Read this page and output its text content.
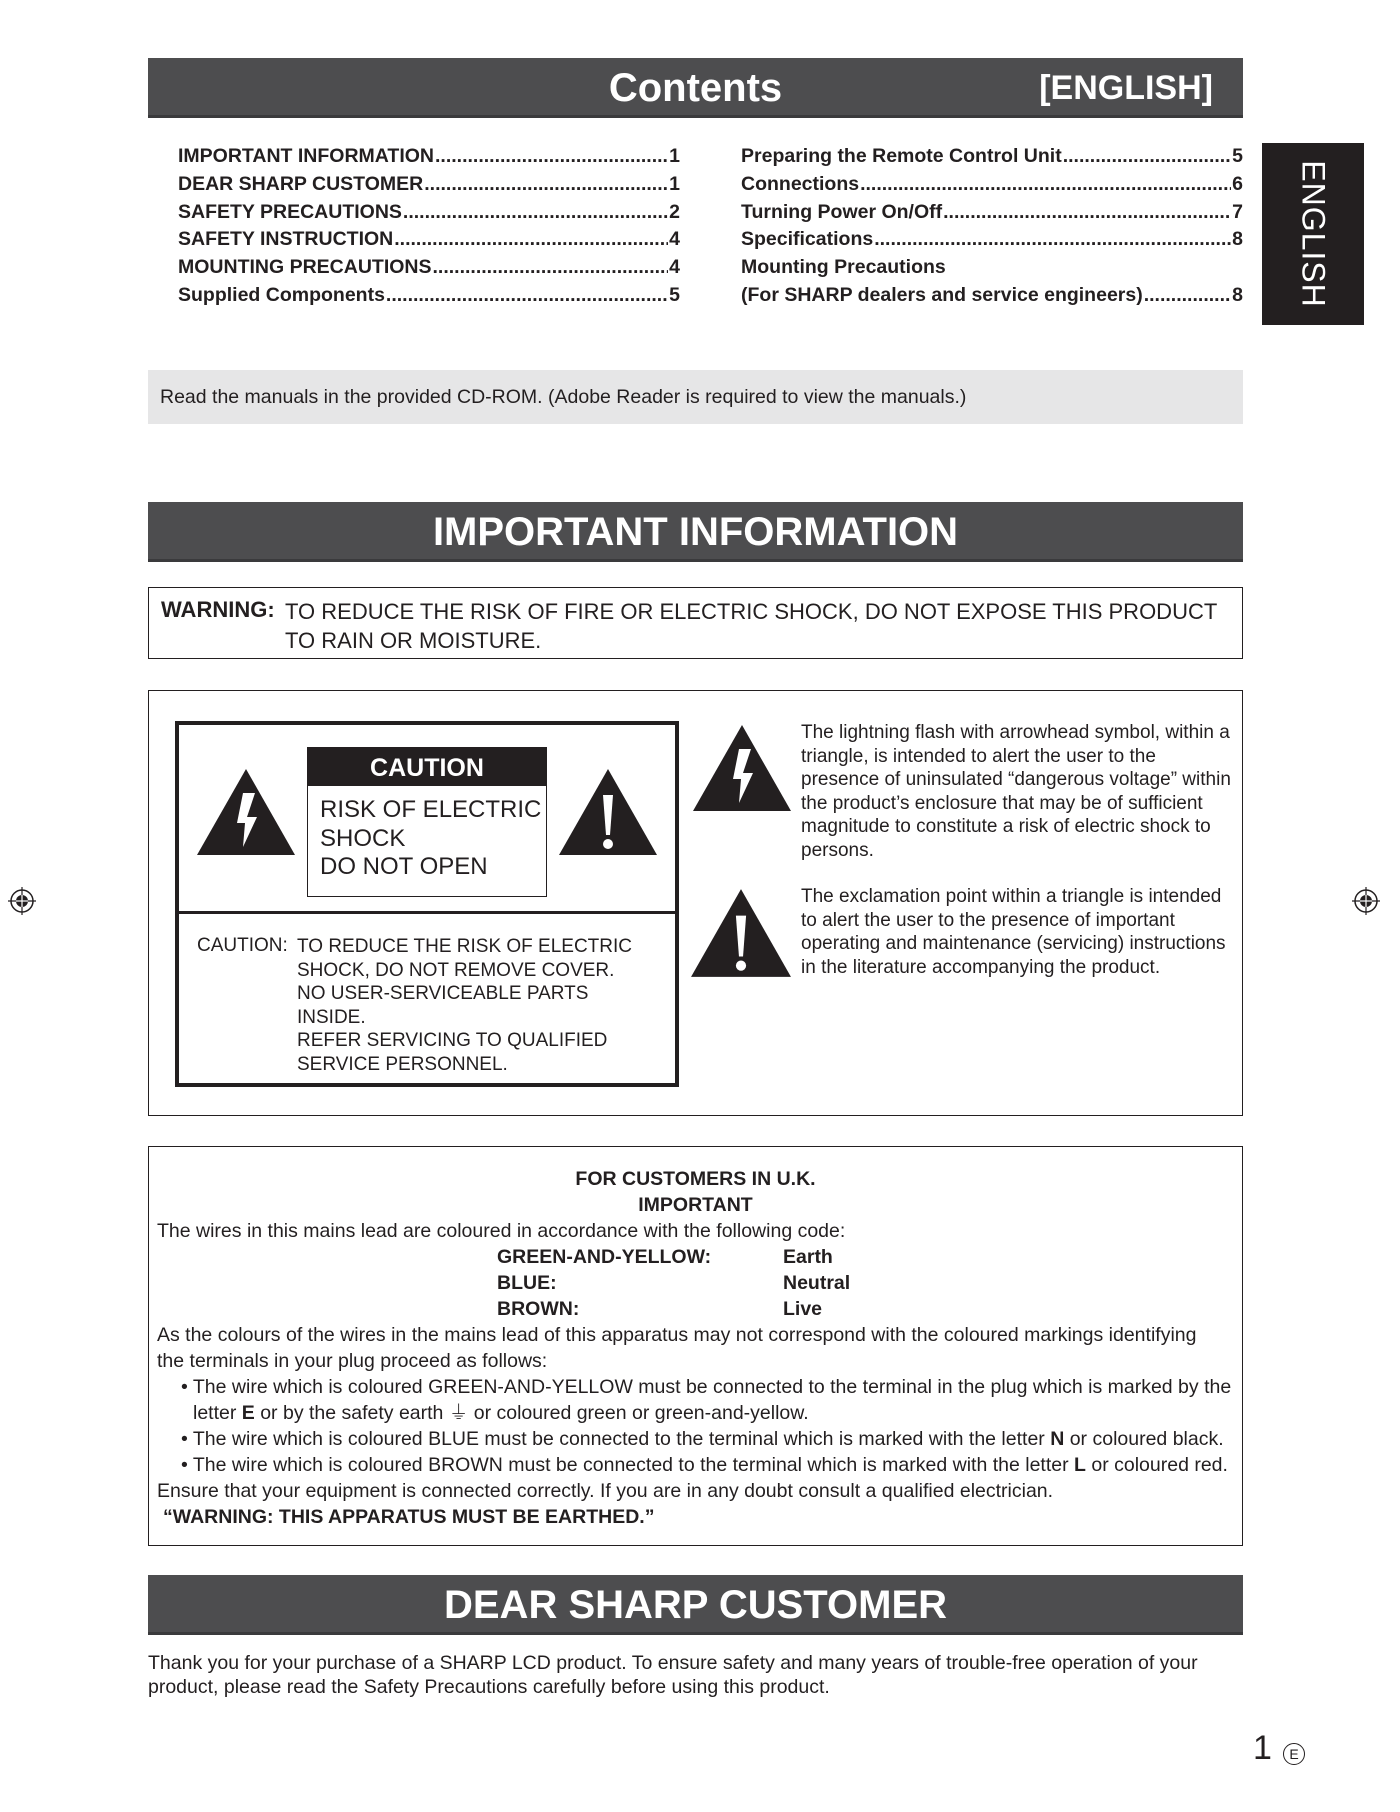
Contents	[ENGLISH]
IMPORTANT INFORMATION .....	1
DEAR SHARP CUSTOMER .....	1
SAFETY PRECAUTIONS .....	2
SAFETY INSTRUCTION .....	4
MOUNTING PRECAUTIONS .....	4
Supplied Components .....	5
Preparing the Remote Control Unit .....	5
Connections .....	6
Turning Power On/Off .....	7
Specifications .....	8
Mounting Precautions
(For SHARP dealers and service engineers) .....	8 ENGLISH
Read the manuals in the provided CD-ROM. (Adobe Reader is required to view the manuals.)
IMPORTANT INFORMATION
WARNING: TO REDUCE THE RISK OF FIRE OR ELECTRIC SHOCK, DO NOT EXPOSE THIS PRODUCT TO RAIN OR MOISTURE.
CAUTION
RISK OF ELECTRIC
SHOCK
DO NOT OPEN
CAUTION: TO REDUCE THE RISK OF ELECTRIC
SHOCK, DO NOT REMOVE COVER.
NO USER-SERVICEABLE PARTS
INSIDE.
REFER SERVICING TO QUALIFIED
SERVICE PERSONNEL.
The lightning flash with arrowhead symbol, within a triangle, is intended to alert the user to the presence of uninsulated “dangerous voltage” within the product’s enclosure that may be of sufficient magnitude to constitute a risk of electric shock to persons.
The exclamation point within a triangle is intended to alert the user to the presence of important operating and maintenance (servicing) instructions in the literature accompanying the product.
FOR CUSTOMERS IN U.K.
IMPORTANT
The wires in this mains lead are coloured in accordance with the following code:
GREEN-AND-YELLOW:	Earth
BLUE:	Neutral
BROWN:	Live
As the colours of the wires in the mains lead of this apparatus may not correspond with the coloured markings identifying the terminals in your plug proceed as follows:
• The wire which is coloured GREEN-AND-YELLOW must be connected to the terminal in the plug which is marked by the letter E or by the safety earth ⏚ or coloured green or green-and-yellow.
• The wire which is coloured BLUE must be connected to the terminal which is marked with the letter N or coloured black.
• The wire which is coloured BROWN must be connected to the terminal which is marked with the letter L or coloured red.
Ensure that your equipment is connected correctly. If you are in any doubt consult a qualified electrician.
“WARNING: THIS APPARATUS MUST BE EARTHED.”
DEAR SHARP CUSTOMER
Thank you for your purchase of a SHARP LCD product. To ensure safety and many years of trouble-free operation of your product, please read the Safety Precautions carefully before using this product.
1	E
